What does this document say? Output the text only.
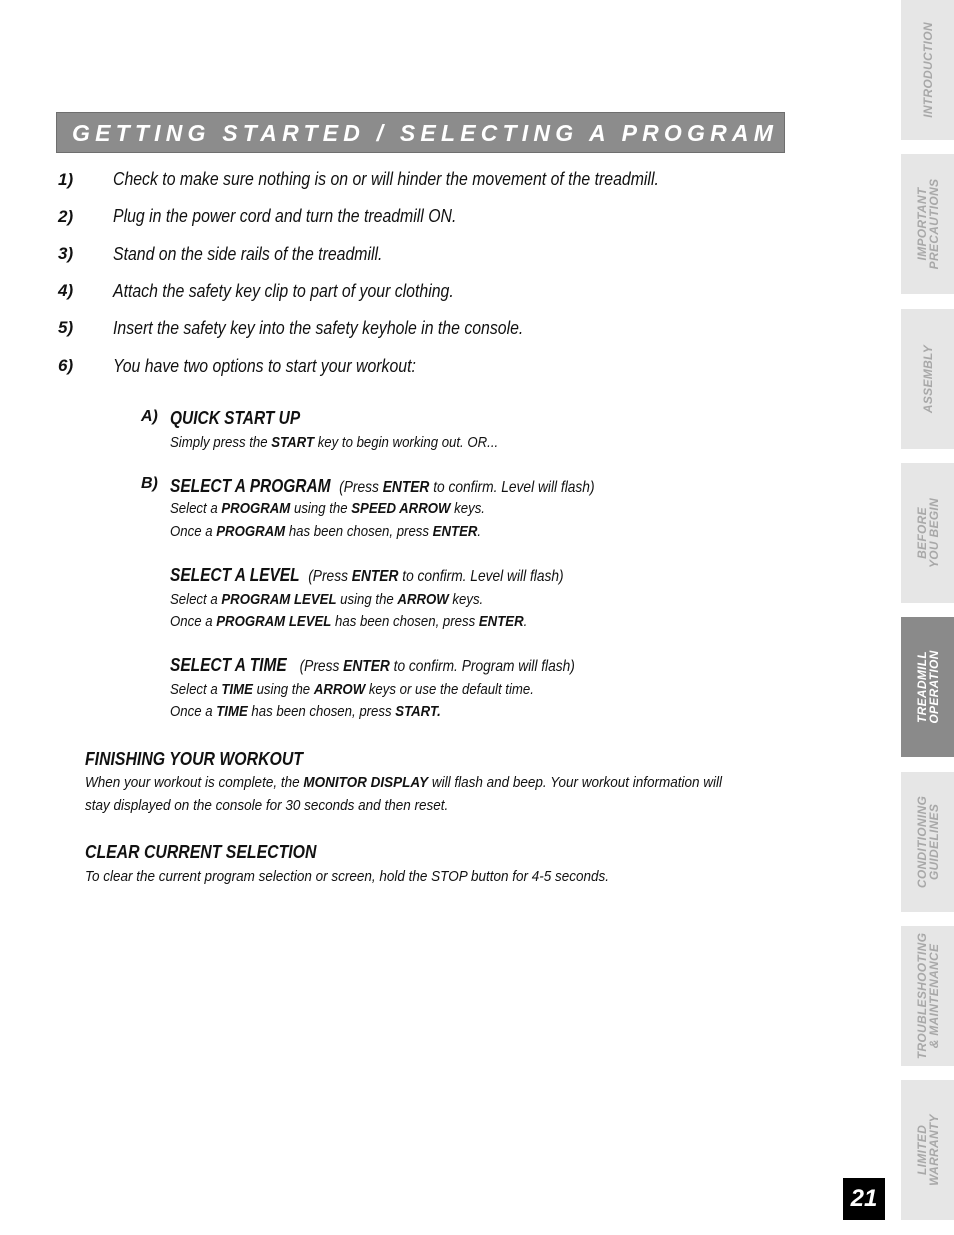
GETTING STARTED / SELECTING A PROGRAM (T72 model)
1) Check to make sure nothing is on or will hinder the movement of the treadmill.
2) Plug in the power cord and turn the treadmill ON.
3) Stand on the side rails of the treadmill.
4) Attach the safety key clip to part of your clothing.
5) Insert the safety key into the safety keyhole in the console.
6) You have two options to start your workout:
A) QUICK START UP
Simply press the START key to begin working out. OR...
B) SELECT A PROGRAM (Press ENTER to confirm. Level will flash)
Select a PROGRAM using the SPEED ARROW keys.
Once a PROGRAM has been chosen, press ENTER.
SELECT A LEVEL (Press ENTER to confirm. Level will flash)
Select a PROGRAM LEVEL using the ARROW keys.
Once a PROGRAM LEVEL has been chosen, press ENTER.
SELECT A TIME (Press ENTER to confirm. Program will flash)
Select a TIME using the ARROW keys or use the default time.
Once a TIME has been chosen, press START.
FINISHING YOUR WORKOUT
When your workout is complete, the MONITOR DISPLAY will flash and beep. Your workout information will
stay displayed on the console for 30 seconds and then reset.
CLEAR CURRENT SELECTION
To clear the current program selection or screen, hold the STOP button for 4-5 seconds.
INTRODUCTION
IMPORTANT
PRECAUTIONS
ASSEMBLY
BEFORE
YOU BEGIN
TREADMILL
OPERATION
CONDITIONING
GUIDELINES
TROUBLESHOOTING
& MAINTENANCE
LIMITED
WARRANTY
21
